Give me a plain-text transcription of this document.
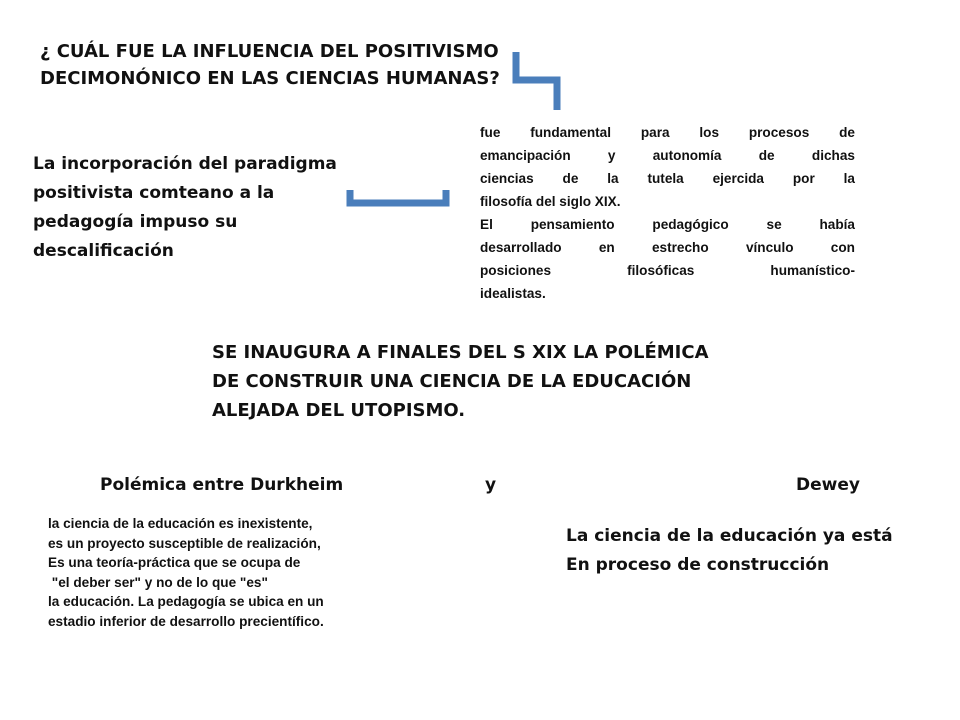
¿ CUÁL FUE LA INFLUENCIA DEL POSITIVISMO
DECIMONÓNICO EN LAS CIENCIAS HUMANAS?
La incorporación del paradigma
positivista comteano a la
pedagogía impuso su
descalificación
fue fundamental para los procesos de
emancipación	y	autonomía	de	dichas
ciencias de la tutela ejercida por la
filosofía del siglo XIX.
El	pensamiento	pedagógico	se	había
desarrollado	en	estrecho	vínculo	con
posiciones	filosóficas	humanístico-
idealistas.
SE INAUGURA A FINALES DEL S XIX LA POLÉMICA
DE CONSTRUIR UNA CIENCIA DE LA EDUCACIÓN
ALEJADA DEL UTOPISMO.
Polémica entre Durkheim	y	Dewey
la ciencia de la educación es inexistente,
es un proyecto susceptible de realización,
Es una teoría-práctica que se ocupa de
"el deber ser" y no de lo que "es"
la educación. La pedagogía se ubica en un
estadio inferior de desarrollo precientífico.
La ciencia de la educación ya está
En proceso de construcción
